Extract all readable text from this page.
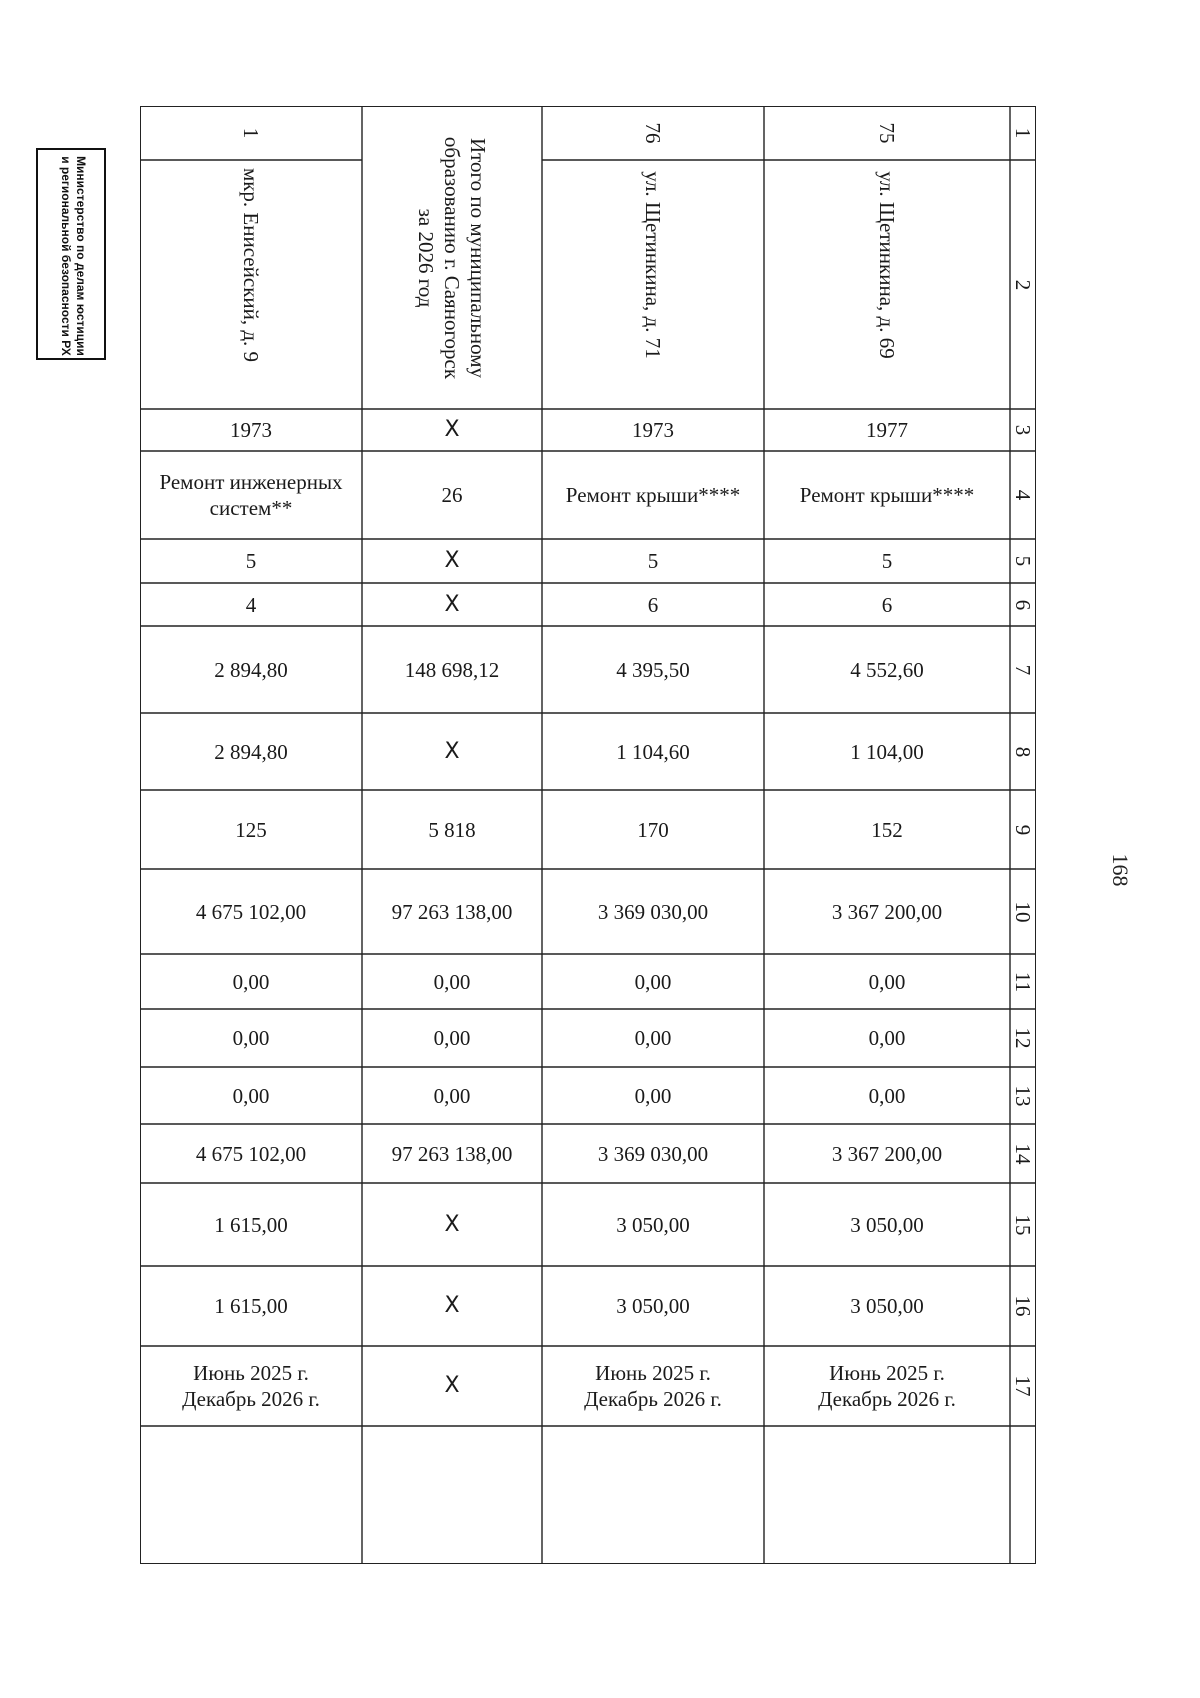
Министерство по делам юстиции и региональной безопасности РХ
168
1
мкр. Енисейский, д. 9
1973
Ремонт инженерных
систем**
5
4
2 894,80
2 894,80
125
4 675 102,00
0,00
0,00
0,00
4 675 102,00
1 615,00
1 615,00
Июнь 2025 г.
Декабрь 2026 г.
Итого по муниципальному
образованию г. Саяногорск
за 2026 год
X
26
X
X
148 698,12
X
5 818
97 263 138,00
0,00
0,00
0,00
97 263 138,00
X
X
X
76
ул. Щетинкина, д. 71
1973
Ремонт крыши****
5
6
4 395,50
1 104,60
170
3 369 030,00
0,00
0,00
0,00
3 369 030,00
3 050,00
3 050,00
Июнь 2025 г.
Декабрь 2026 г.
75
ул. Щетинкина, д. 69
1977
Ремонт крыши****
5
6
4 552,60
1 104,00
152
3 367 200,00
0,00
0,00
0,00
3 367 200,00
3 050,00
3 050,00
Июнь 2025 г.
Декабрь 2026 г.
1
2
3
4
5
6
7
8
9
10
11
12
13
14
15
16
17
